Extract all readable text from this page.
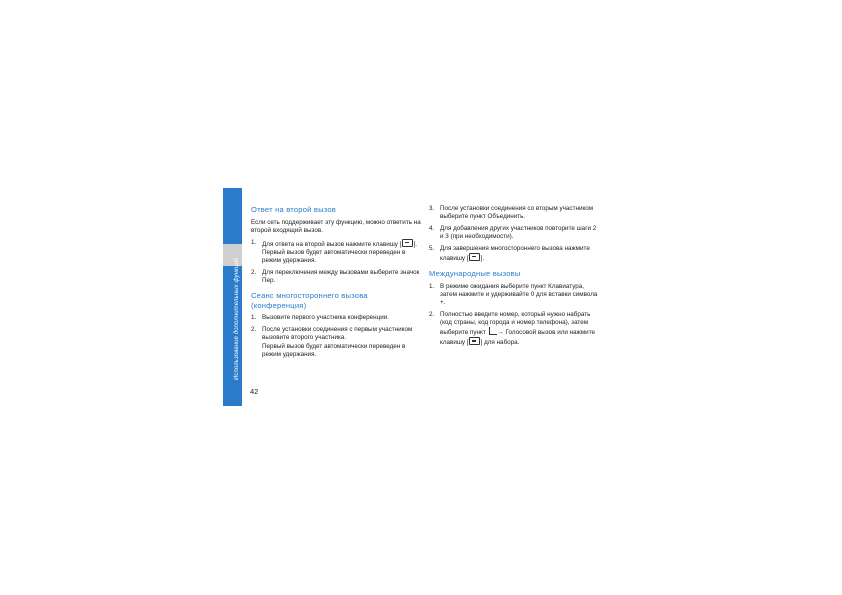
Использование дополнительных функций
Ответ на второй вызов

Если сеть поддерживает эту функцию, можно ответить на второй входящий вызов.

1. Для ответа на второй вызов нажмите клавишу [ ].
Первый вызов будет автоматически переведен в режим удержания.
2. Для переключения между вызовами выберите значок Пер.
Сеанс многостороннего вызова (конференция)
1. Вызовите первого участника конференции.
2. После установки соединения с первым участником вызовите второго участника.
Первый вызов будет автоматически переведен в режим удержания.
3. После установки соединения со вторым участником выберите пункт Объединить.
4. Для добавления других участников повторите шаги 2 и 3 (при необходимости).
5. Для завершения многостороннего вызова нажмите клавишу [ ].
Международные вызовы
1. В режиме ожидания выберите пункт Клавиатура, затем нажмите и удерживайте 0 для вставки символа +.
2. Полностью введите номер, который нужно набрать (код страны, код города и номер телефона), затем выберите пункт → Голосовой вызов или нажмите клавишу [ ] для набора.
42
